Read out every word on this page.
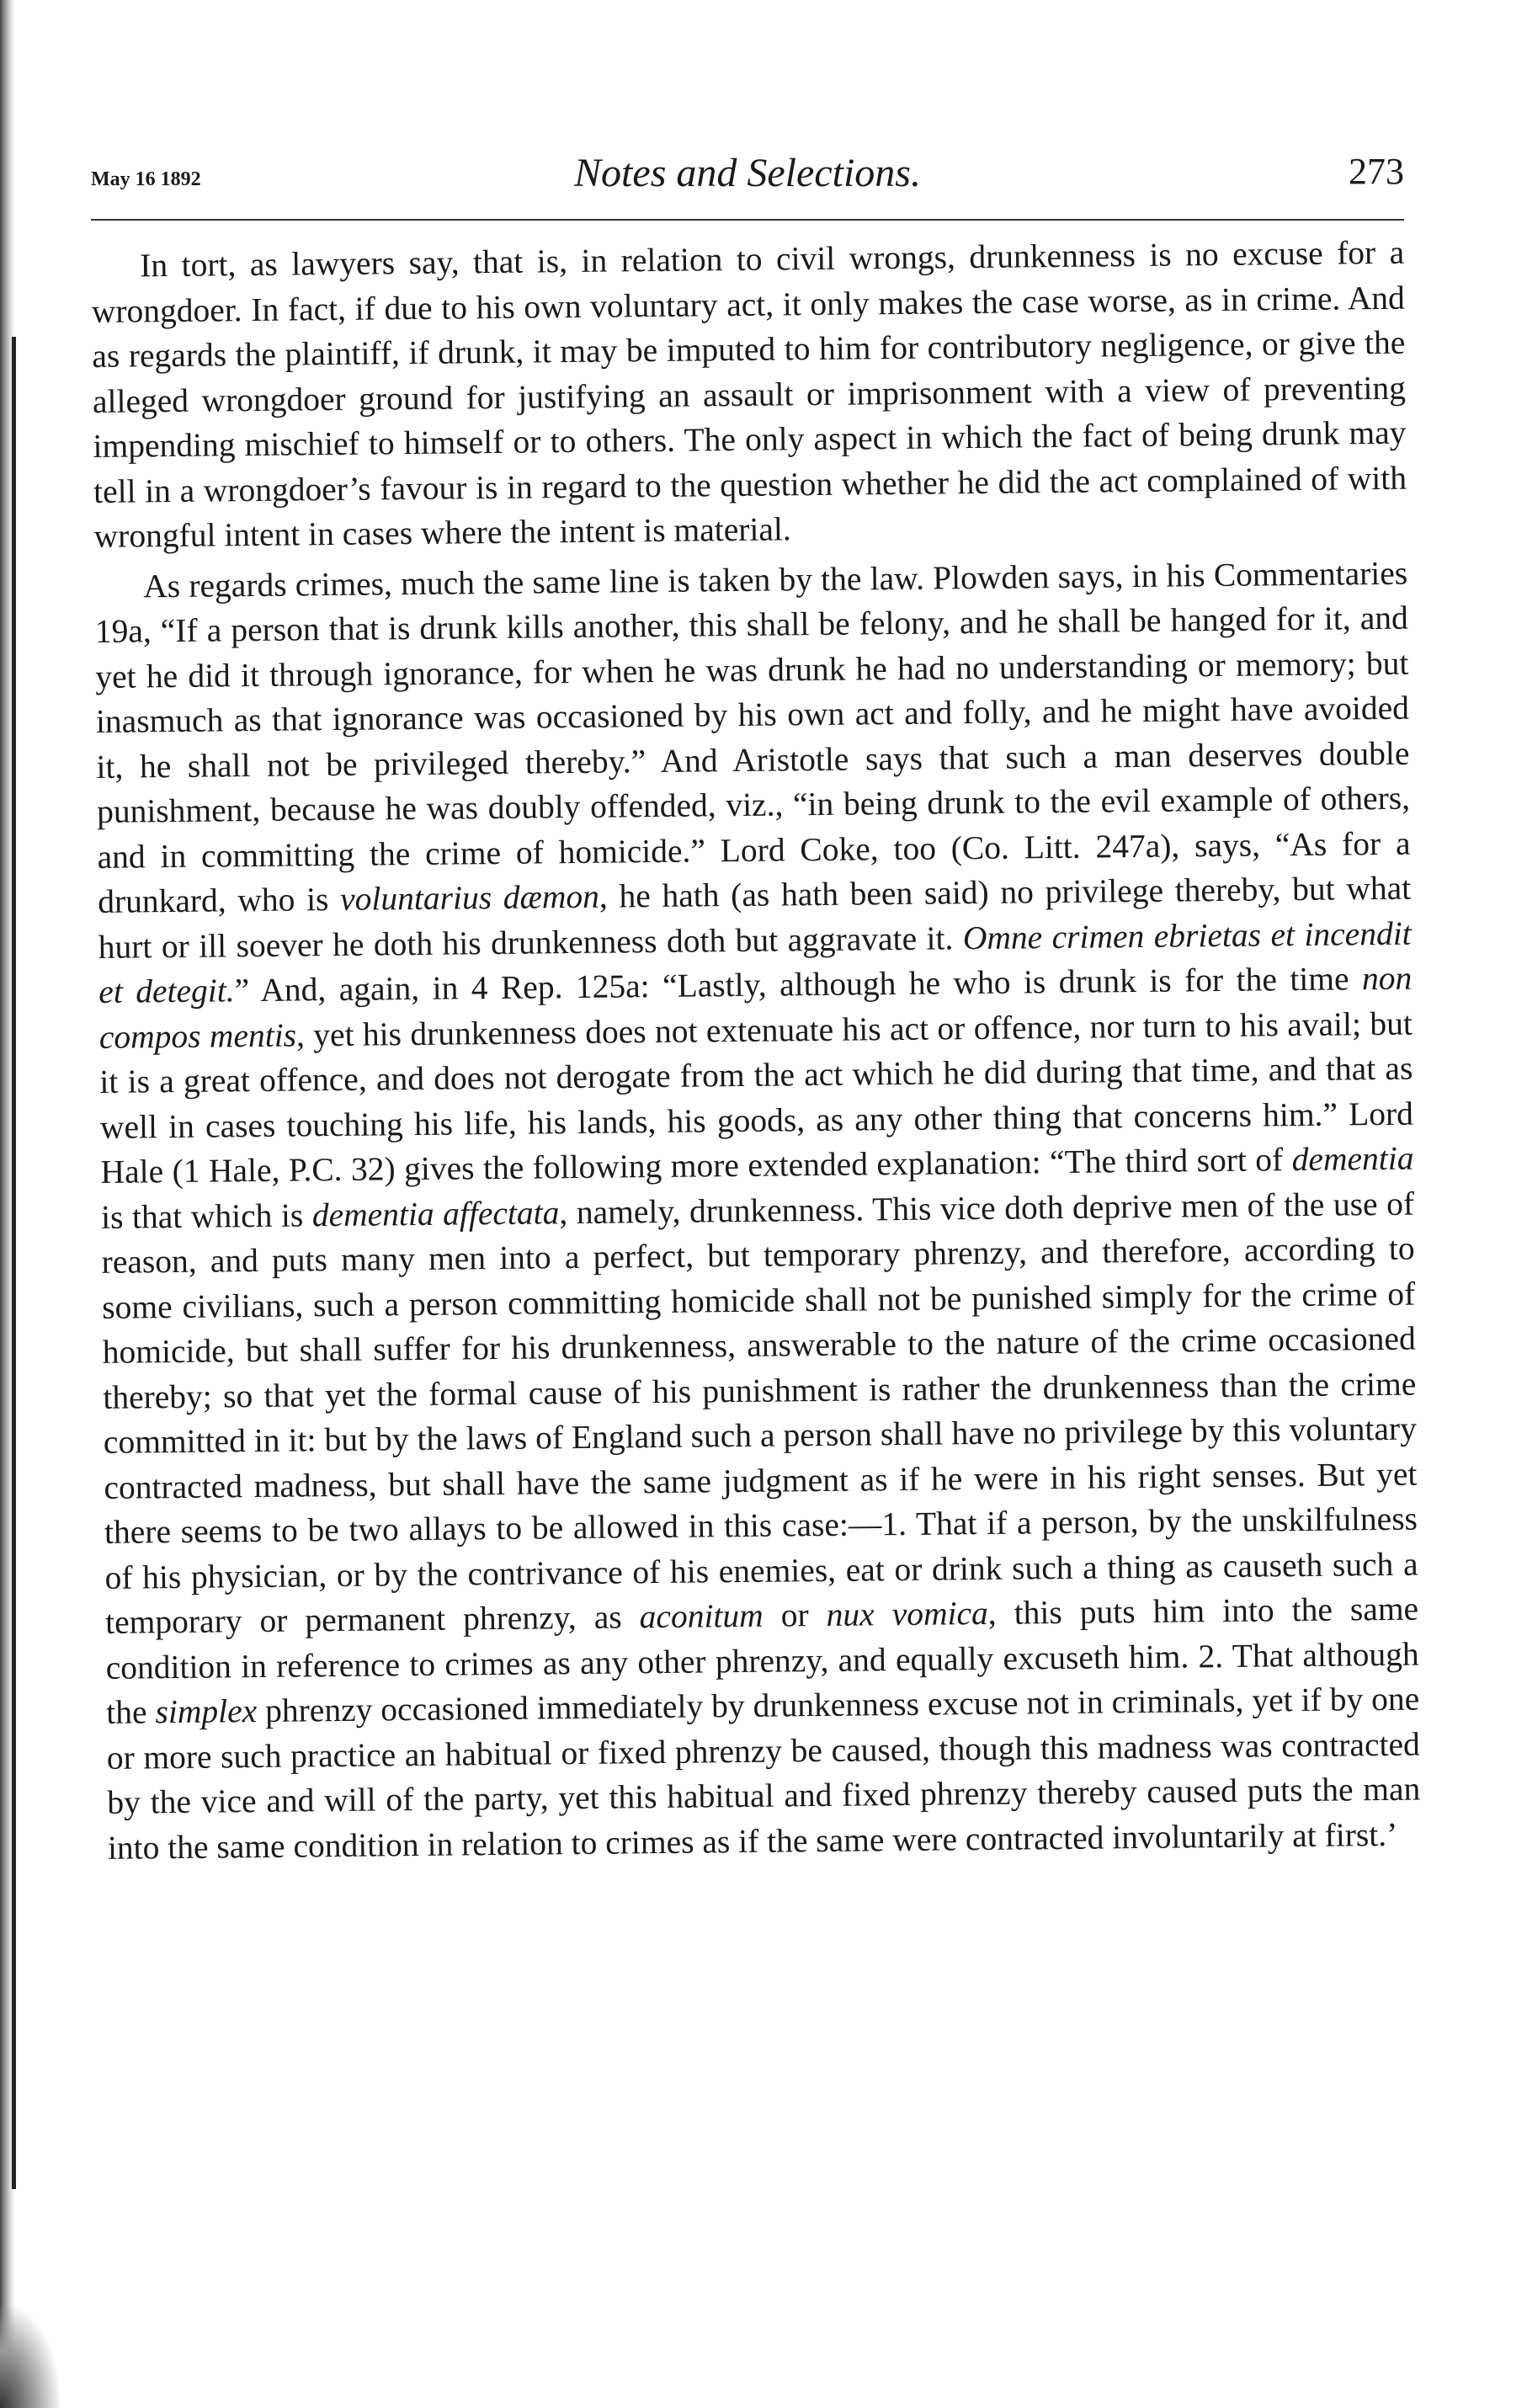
May 16 1892	Notes and Selections.	273

In tort, as lawyers say, that is, in relation to civil wrongs, drunkenness is no excuse for a wrongdoer. In fact, if due to his own voluntary act, it only makes the case worse, as in crime. And as regards the plaintiff, if drunk, it may be imputed to him for contributory negligence, or give the alleged wrongdoer ground for justifying an assault or imprisonment with a view of preventing impending mischief to himself or to others. The only aspect in which the fact of being drunk may tell in a wrongdoer’s favour is in regard to the question whether he did the act complained of with wrongful intent in cases where the intent is material.

As regards crimes, much the same line is taken by the law. Plowden says, in his Commentaries 19a, “If a person that is drunk kills another, this shall be felony, and he shall be hanged for it, and yet he did it through ignorance, for when he was drunk he had no understanding or memory; but inasmuch as that ignorance was occasioned by his own act and folly, and he might have avoided it, he shall not be privileged thereby.” And Aristotle says that such a man deserves double punishment, because he was doubly offended, viz., “in being drunk to the evil example of others, and in committing the crime of homicide.” Lord Coke, too (Co. Litt. 247a), says, “As for a drunkard, who is voluntarius dæmon, he hath (as hath been said) no privilege thereby, but what hurt or ill soever he doth his drunkenness doth but aggravate it. Omne crimen ebrietas et incendit et detegit.” And, again, in 4 Rep. 125a: “Lastly, although he who is drunk is for the time non compos mentis, yet his drunkenness does not extenuate his act or offence, nor turn to his avail; but it is a great offence, and does not derogate from the act which he did during that time, and that as well in cases touching his life, his lands, his goods, as any other thing that concerns him.” Lord Hale (1 Hale, P.C. 32) gives the following more extended explanation: “The third sort of dementia is that which is dementia affectata, namely, drunkenness. This vice doth deprive men of the use of reason, and puts many men into a perfect, but temporary phrenzy, and therefore, according to some civilians, such a person committing homicide shall not be punished simply for the crime of homicide, but shall suffer for his drunkenness, answerable to the nature of the crime occasioned thereby; so that yet the formal cause of his punishment is rather the drunkenness than the crime committed in it: but by the laws of England such a person shall have no privilege by this voluntary contracted madness, but shall have the same judgment as if he were in his right senses. But yet there seems to be two allays to be allowed in this case:—1. That if a person, by the unskilfulness of his physician, or by the contrivance of his enemies, eat or drink such a thing as causeth such a temporary or permanent phrenzy, as aconitum or nux vomica, this puts him into the same condition in reference to crimes as any other phrenzy, and equally excuseth him. 2. That although the simplex phrenzy occasioned immediately by drunkenness excuse not in criminals, yet if by one or more such practice an habitual or fixed phrenzy be caused, though this madness was contracted by the vice and will of the party, yet this habitual and fixed phrenzy thereby caused puts the man into the same condition in relation to crimes as if the same were contracted involuntarily at first.’
